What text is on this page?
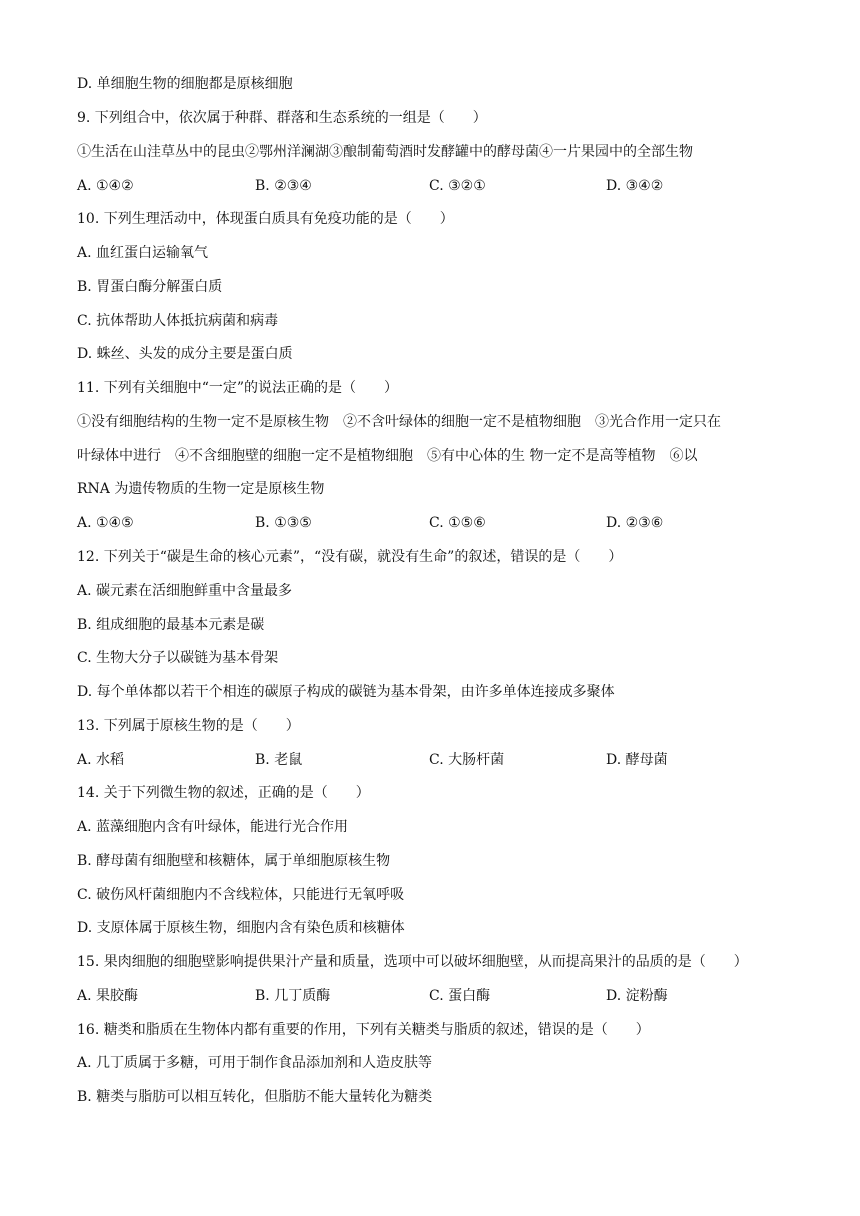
D. 单细胞生物的细胞都是原核细胞
9. 下列组合中，依次属于种群、群落和生态系统的一组是（　　）
①生活在山洼草丛中的昆虫②鄂州洋澜湖③酿制葡萄酒时发酵罐中的酵母菌④一片果园中的全部生物
A. ①④②	B. ②③④	C. ③②①	D. ③④②
10. 下列生理活动中，体现蛋白质具有免疫功能的是（　　）
A. 血红蛋白运输氧气
B. 胃蛋白酶分解蛋白质
C. 抗体帮助人体抵抗病菌和病毒
D. 蛛丝、头发的成分主要是蛋白质
11. 下列有关细胞中“一定”的说法正确的是（　　）
①没有细胞结构的生物一定不是原核生物　②不含叶绿体的细胞一定不是植物细胞　③光合作用一定只在
叶绿体中进行　④不含细胞壁的细胞一定不是植物细胞　⑤有中心体的生 物一定不是高等植物　⑥以
RNA 为遗传物质的生物一定是原核生物
A. ①④⑤	B. ①③⑤	C. ①⑤⑥	D. ②③⑥
12. 下列关于“碳是生命的核心元素”，“没有碳，就没有生命”的叙述，错误的是（　　）
A. 碳元素在活细胞鲜重中含量最多
B. 组成细胞的最基本元素是碳
C. 生物大分子以碳链为基本骨架
D. 每个单体都以若干个相连的碳原子构成的碳链为基本骨架，由许多单体连接成多聚体
13. 下列属于原核生物的是（　　）
A. 水稻	B. 老鼠	C. 大肠杆菌	D. 酵母菌
14. 关于下列微生物的叙述，正确的是（　　）
A. 蓝藻细胞内含有叶绿体，能进行光合作用
B. 酵母菌有细胞壁和核糖体，属于单细胞原核生物
C. 破伤风杆菌细胞内不含线粒体，只能进行无氧呼吸
D. 支原体属于原核生物，细胞内含有染色质和核糖体
15. 果肉细胞的细胞壁影响提供果汁产量和质量，选项中可以破坏细胞壁，从而提高果汁的品质的是（　　）
A. 果胶酶	B. 几丁质酶	C. 蛋白酶	D. 淀粉酶
16. 糖类和脂质在生物体内都有重要的作用，下列有关糖类与脂质的叙述，错误的是（　　）
A. 几丁质属于多糖，可用于制作食品添加剂和人造皮肤等
B. 糖类与脂肪可以相互转化，但脂肪不能大量转化为糖类
